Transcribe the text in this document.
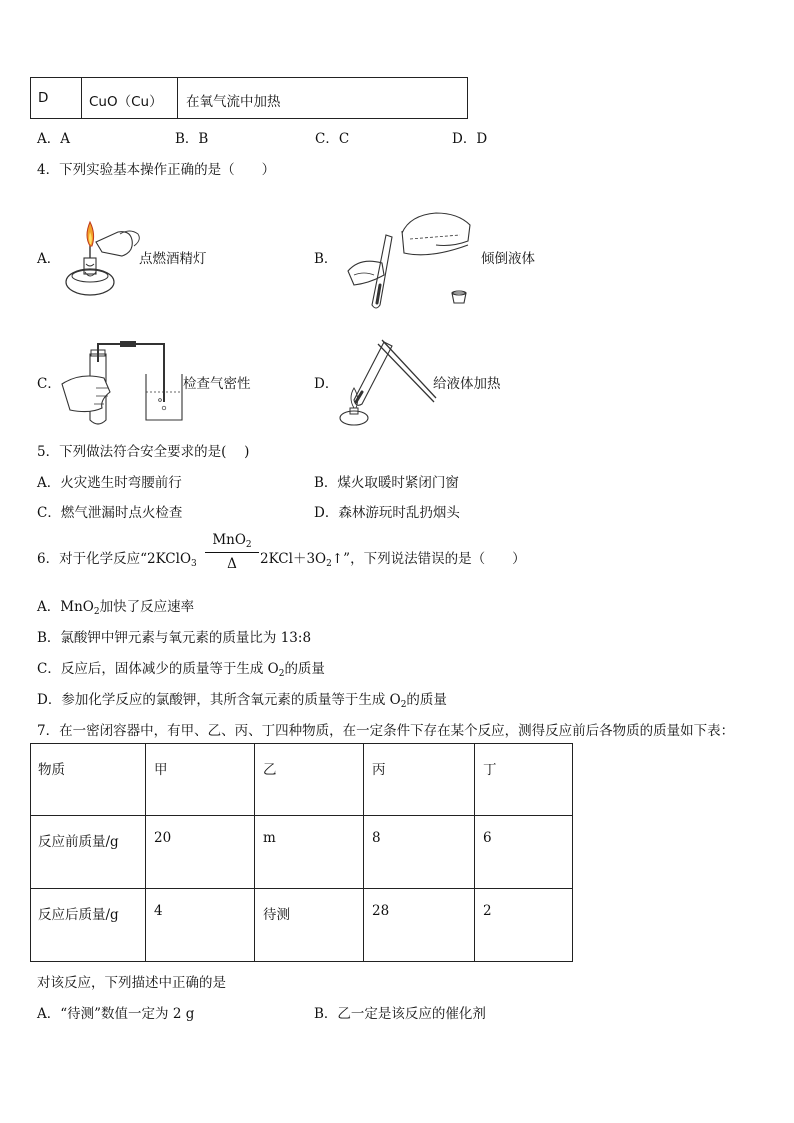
D	CuO（Cu）	在氧气流中加热
A．A	B．B	C．C	D．D
4．下列实验基本操作正确的是（　　）
A．	点燃酒精灯	B．	倾倒液体
C．	检查气密性	D．	给液体加热
5．下列做法符合安全要求的是(　 )
A．火灾逃生时弯腰前行	B．煤火取暖时紧闭门窗
C．燃气泄漏时点火检查	D．森林游玩时乱扔烟头
6．对于化学反应“2KClO$_3$
MnO$_2$
Δ	$2KCl+3O_2↑$”，下列说法错误的是（　　）
A．MnO$_2$加快了反应速率
B．氯酸钾中钾元素与氧元素的质量比为 13:8
C．反应后，固体减少的质量等于生成 $O_2$的质量
D．参加化学反应的氯酸钾，其所含氧元素的质量等于生成 $O_2$的质量
7．在一密闭容器中，有甲、乙、丙、丁四种物质，在一定条件下存在某个反应，测得反应前后各物质的质量如下表：
物质	甲	乙	丙	丁
反应前质量/g	20	m	8	6
反应后质量/g	4	待测	28	2
对该反应，下列描述中正确的是
A．“待测”数值一定为 2 g	B．乙一定是该反应的催化剂
